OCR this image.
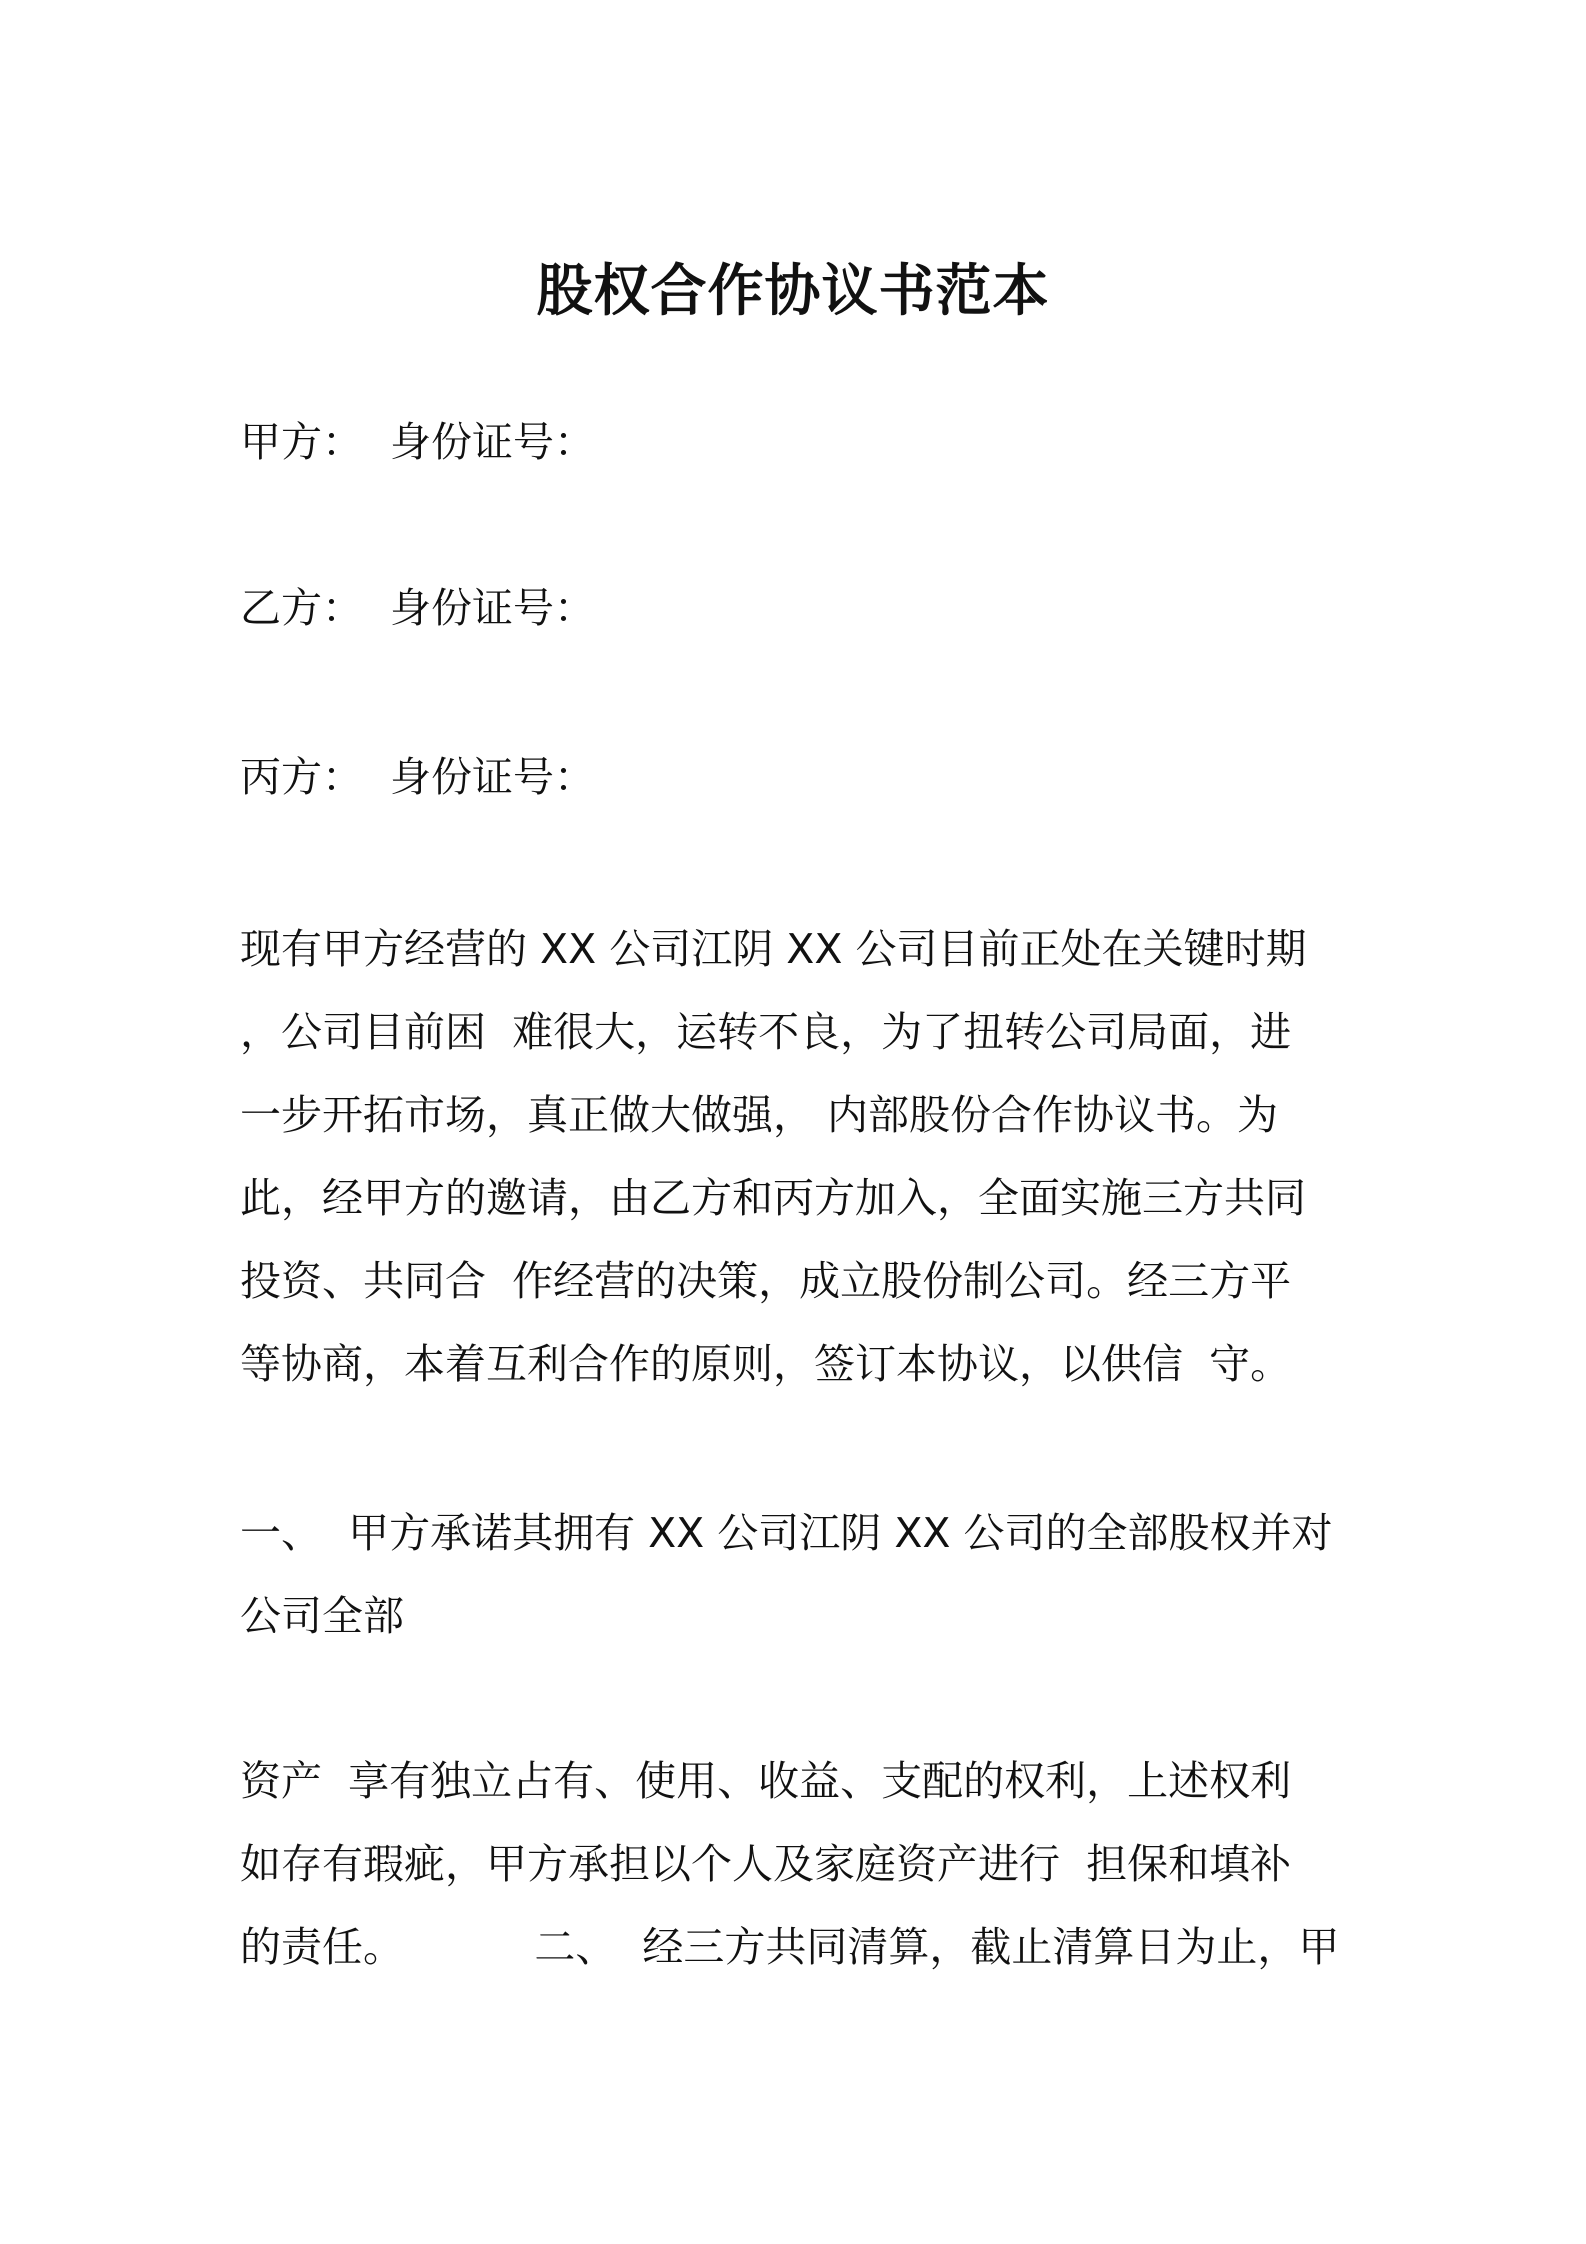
股权合作协议书范本
甲方： 身份证号：
乙方： 身份证号：
丙方： 身份证号：
现有甲方经营的 XX 公司江阴 XX 公司目前正处在关键时期
，公司目前困  难很大，运转不良，为了扭转公司局面，进
一步开拓市场，真正做大做强， 内部股份合作协议书。为
此，经甲方的邀请，由乙方和丙方加入，全面实施三方共同
投资、共同合  作经营的决策，成立股份制公司。经三方平
等协商，本着互利合作的原则，签订本协议，以供信  守。
一、  甲方承诺其拥有 XX 公司江阴 XX 公司的全部股权并对
公司全部
资产  享有独立占有、使用、收益、支配的权利，上述权利
如存有瑕疵，甲方承担以个人及家庭资产进行  担保和填补
的责任。          二、  经三方共同清算，截止清算日为止，甲
